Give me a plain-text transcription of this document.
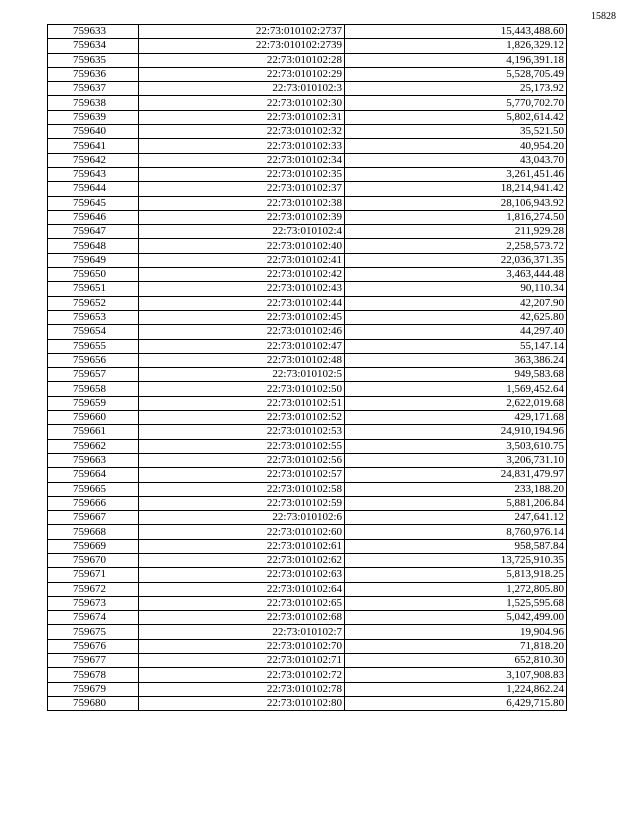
15828
759633	22:73:010102:2737	15,443,488.60
759634	22:73:010102:2739	1,826,329.12
759635	22:73:010102:28	4,196,391.18
759636	22:73:010102:29	5,528,705.49
759637	22:73:010102:3	25,173.92
759638	22:73:010102:30	5,770,702.70
759639	22:73:010102:31	5,802,614.42
759640	22:73:010102:32	35,521.50
759641	22:73:010102:33	40,954.20
759642	22:73:010102:34	43,043.70
759643	22:73:010102:35	3,261,451.46
759644	22:73:010102:37	18,214,941.42
759645	22:73:010102:38	28,106,943.92
759646	22:73:010102:39	1,816,274.50
759647	22:73:010102:4	211,929.28
759648	22:73:010102:40	2,258,573.72
759649	22:73:010102:41	22,036,371.35
759650	22:73:010102:42	3,463,444.48
759651	22:73:010102:43	90,110.34
759652	22:73:010102:44	42,207.90
759653	22:73:010102:45	42,625.80
759654	22:73:010102:46	44,297.40
759655	22:73:010102:47	55,147.14
759656	22:73:010102:48	363,386.24
759657	22:73:010102:5	949,583.68
759658	22:73:010102:50	1,569,452.64
759659	22:73:010102:51	2,622,019.68
759660	22:73:010102:52	429,171.68
759661	22:73:010102:53	24,910,194.96
759662	22:73:010102:55	3,503,610.75
759663	22:73:010102:56	3,206,731.10
759664	22:73:010102:57	24,831,479.97
759665	22:73:010102:58	233,188.20
759666	22:73:010102:59	5,881,206.84
759667	22:73:010102:6	247,641.12
759668	22:73:010102:60	8,760,976.14
759669	22:73:010102:61	958,587.84
759670	22:73:010102:62	13,725,910.35
759671	22:73:010102:63	5,813,918.25
759672	22:73:010102:64	1,272,805.80
759673	22:73:010102:65	1,525,595.68
759674	22:73:010102:68	5,042,499.00
759675	22:73:010102:7	19,904.96
759676	22:73:010102:70	71,818.20
759677	22:73:010102:71	652,810.30
759678	22:73:010102:72	3,107,908.83
759679	22:73:010102:78	1,224,862.24
759680	22:73:010102:80	6,429,715.80
